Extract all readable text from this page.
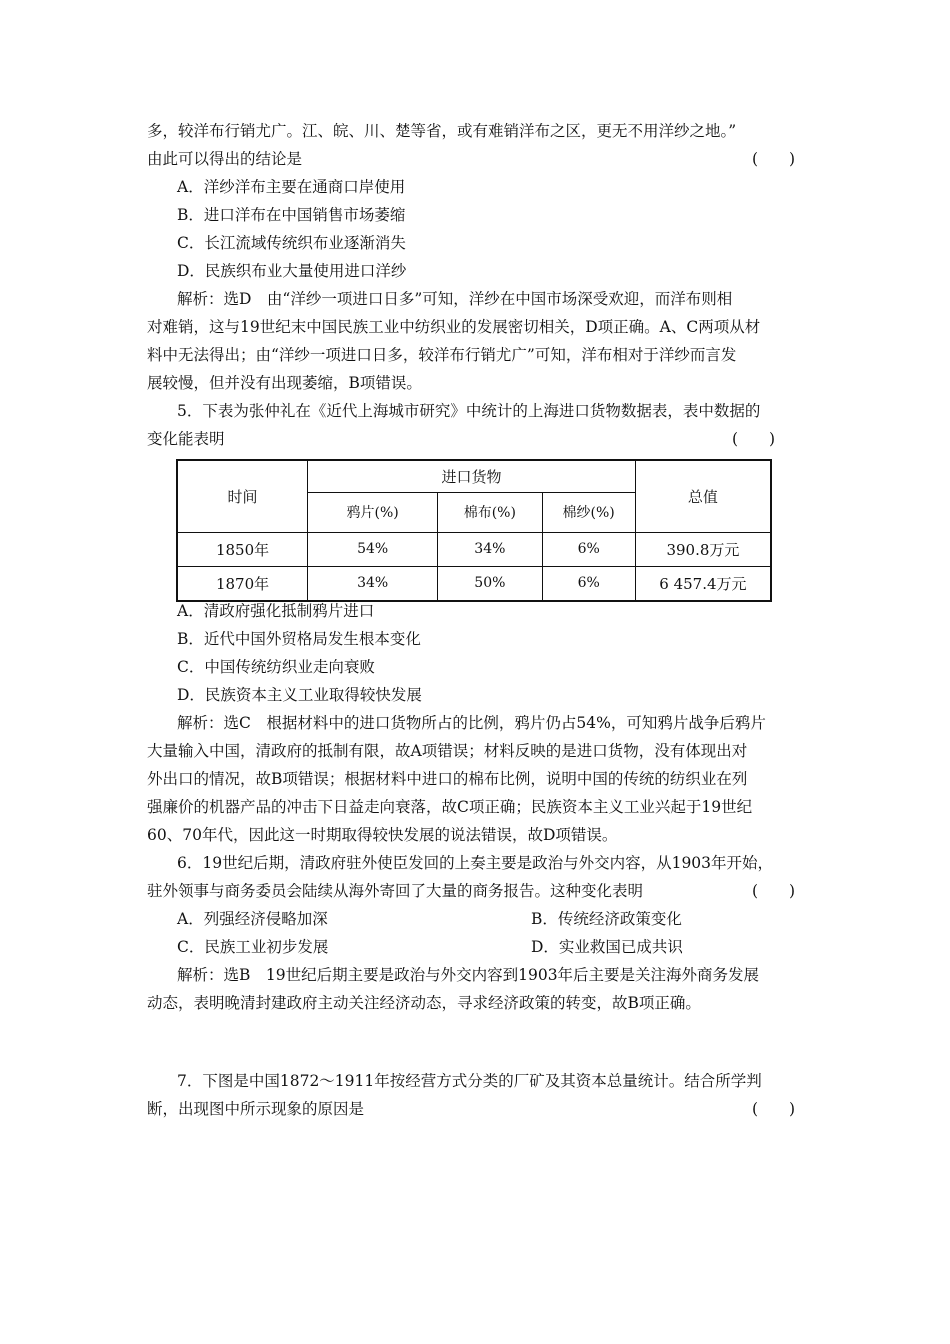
多，较洋布行销尤广。江、皖、川、楚等省，或有难销洋布之区，更无不用洋纱之地。”
由此可以得出的结论是	(　　)
A．洋纱洋布主要在通商口岸使用
B．进口洋布在中国销售市场萎缩
C．长江流域传统织布业逐渐消失
D．民族织布业大量使用进口洋纱
解析：选D　由“洋纱一项进口日多”可知，洋纱在中国市场深受欢迎，而洋布则相
对难销，这与19世纪末中国民族工业中纺织业的发展密切相关，D项正确。A、C两项从材
料中无法得出；由“洋纱一项进口日多，较洋布行销尤广”可知，洋布相对于洋纱而言发
展较慢，但并没有出现萎缩，B项错误。
5．下表为张仲礼在《近代上海城市研究》中统计的上海进口货物数据表，表中数据的
变化能表明	(　　)
时间	进口货物			总值
	鸦片(%)	棉布(%)	棉纱(%)	
1850年	54%	34%	6%	390.8万元
1870年	34%	50%	6%	6 457.4万元
A．清政府强化抵制鸦片进口
B．近代中国外贸格局发生根本变化
C．中国传统纺织业走向衰败
D．民族资本主义工业取得较快发展
解析：选C　根据材料中的进口货物所占的比例，鸦片仍占54%，可知鸦片战争后鸦片
大量输入中国，清政府的抵制有限，故A项错误；材料反映的是进口货物，没有体现出对
外出口的情况，故B项错误；根据材料中进口的棉布比例，说明中国的传统的纺织业在列
强廉价的机器产品的冲击下日益走向衰落，故C项正确；民族资本主义工业兴起于19世纪
60、70年代，因此这一时期取得较快发展的说法错误，故D项错误。
6．19世纪后期，清政府驻外使臣发回的上奏主要是政治与外交内容，从1903年开始，
驻外领事与商务委员会陆续从海外寄回了大量的商务报告。这种变化表明	(　　)
A．列强经济侵略加深	B．传统经济政策变化
C．民族工业初步发展	D．实业救国已成共识
解析：选B　19世纪后期主要是政治与外交内容到1903年后主要是关注海外商务发展
动态，表明晚清封建政府主动关注经济动态，寻求经济政策的转变，故B项正确。
7．下图是中国1872～1911年按经营方式分类的厂矿及其资本总量统计。结合所学判
断，出现图中所示现象的原因是	(　　)
